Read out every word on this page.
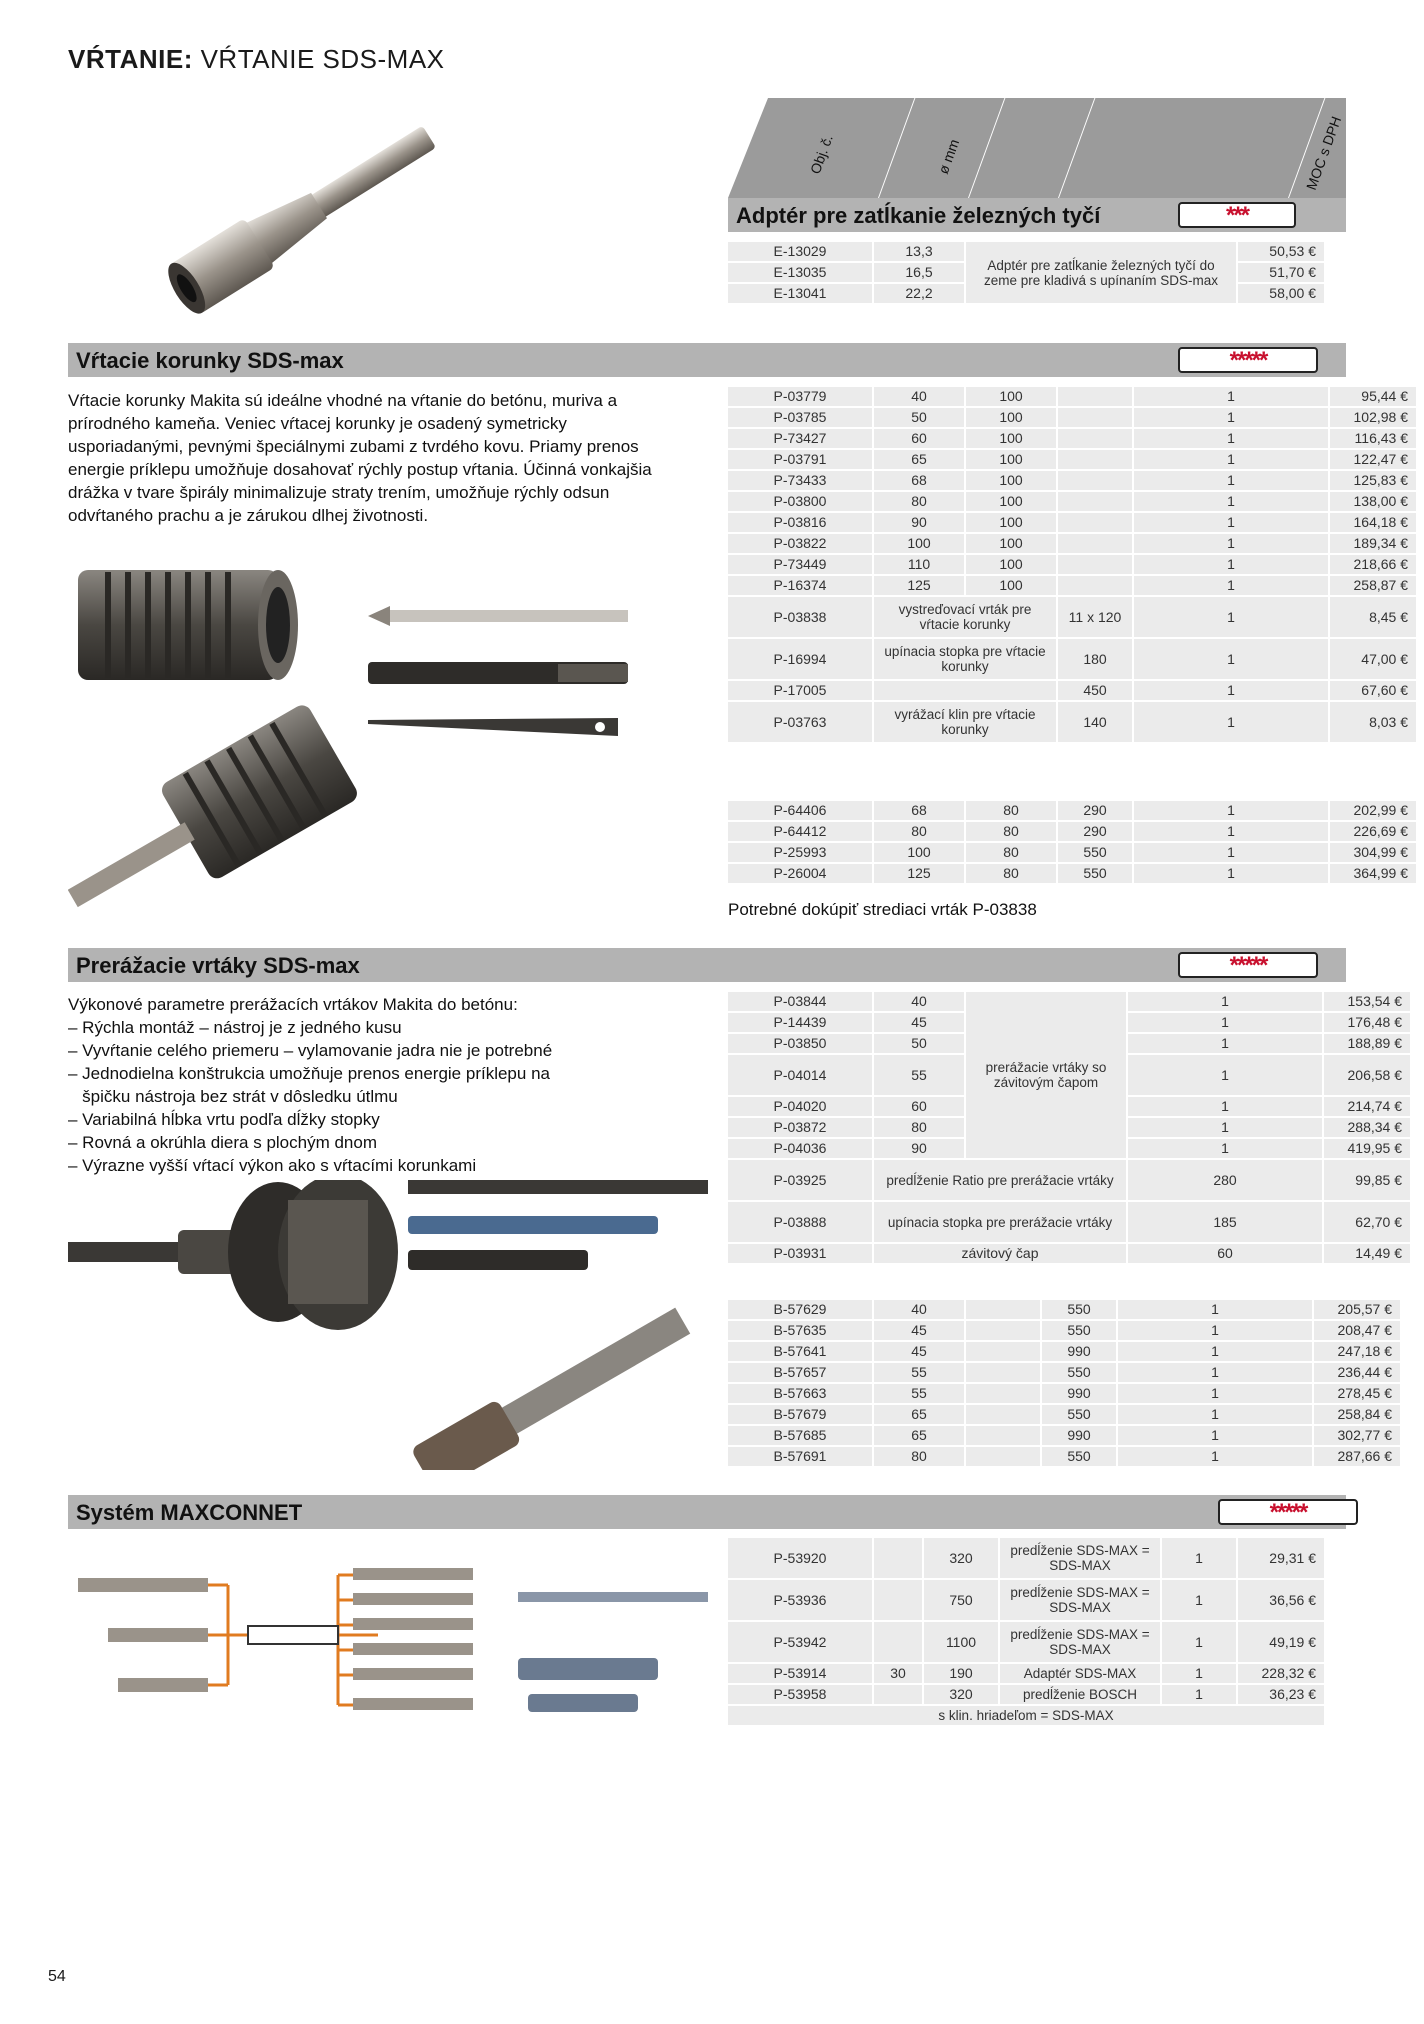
VŔTANIE: VŔTANIE SDS-MAX
Obj. č.	ø mm	MOC s DPH
Adptér pre zatĺkanie železných tyčí	***
E-13029	13,3	Adptér pre zatĺkanie železných tyčí do zeme pre kladivá s upínaním SDS-max	50,53 €
E-13035	16,5		51,70 €
E-13041	22,2		58,00 €
Vŕtacie korunky SDS-max	*****
Vŕtacie korunky Makita sú ideálne vhodné na vŕtanie do betónu, muriva a prírodného kameňa. Veniec vŕtacej korunky je osadený symetricky usporiadanými, pevnými špeciálnymi zubami z tvrdého kovu. Priamy prenos energie príklepu umožňuje dosahovať rýchly postup vŕtania. Účinná vonkajšia drážka v tvare špirály minimalizuje straty trením, umožňuje rýchly odsun odvŕtaného prachu a je zárukou dlhej životnosti.
P-03779	40	100		1	95,44 €
P-03785	50	100		1	102,98 €
P-73427	60	100		1	116,43 €
P-03791	65	100		1	122,47 €
P-73433	68	100		1	125,83 €
P-03800	80	100		1	138,00 €
P-03816	90	100		1	164,18 €
P-03822	100	100		1	189,34 €
P-73449	110	100		1	218,66 €
P-16374	125	100		1	258,87 €
P-03838	vystreďovací vrták pre vŕtacie korunky		11 x 120	1	8,45 €
P-16994	upínacia stopka pre vŕtacie korunky		180	1	47,00 €
P-17005			450	1	67,60 €
P-03763	vyrážací klin pre vŕtacie korunky		140	1	8,03 €
P-64406	68	80	290	1	202,99 €
P-64412	80	80	290	1	226,69 €
P-25993	100	80	550	1	304,99 €
P-26004	125	80	550	1	364,99 €
Potrebné dokúpiť strediaci vrták P-03838
Prerážacie vrtáky SDS-max	*****
Výkonové parametre prerážacích vrtákov Makita do betónu:
– Rýchla montáž – nástroj je z jedného kusu
– Vyvŕtanie celého priemeru – vylamovanie jadra nie je potrebné
– Jednodielna konštrukcia umožňuje prenos energie príklepu na
špičku nástroja bez strát v dôsledku útlmu
– Variabilná hĺbka vrtu podľa dĺžky stopky
– Rovná a okrúhla diera s plochým dnom
– Výrazne vyšší vŕtací výkon ako s vŕtacími korunkami
P-03844	40	prerážacie vrtáky so závitovým čapom	1	153,54 €
P-14439	45		1	176,48 €
P-03850	50		1	188,89 €
P-04014	55		1	206,58 €
P-04020	60		1	214,74 €
P-03872	80		1	288,34 €
P-04036	90		1	419,95 €
P-03925	predĺženie Ratio pre prerážacie vrtáky		280	99,85 €
P-03888	upínacia stopka pre prerážacie vrtáky		185	62,70 €
P-03931	závitový čap		60	14,49 €
B-57629	40		550	1	205,57 €
B-57635	45		550	1	208,47 €
B-57641	45		990	1	247,18 €
B-57657	55		550	1	236,44 €
B-57663	55		990	1	278,45 €
B-57679	65		550	1	258,84 €
B-57685	65		990	1	302,77 €
B-57691	80		550	1	287,66 €
Systém MAXCONNET	*****
P-53920		320	predĺženie SDS-MAX = SDS-MAX	1	29,31 €
P-53936		750	predĺženie SDS-MAX = SDS-MAX	1	36,56 €
P-53942		1100	predĺženie SDS-MAX = SDS-MAX	1	49,19 €
P-53914	30	190	Adaptér SDS-MAX	1	228,32 €
P-53958		320	predĺženie BOSCH	1	36,23 €
s klin. hriadeľom = SDS-MAX					
54
